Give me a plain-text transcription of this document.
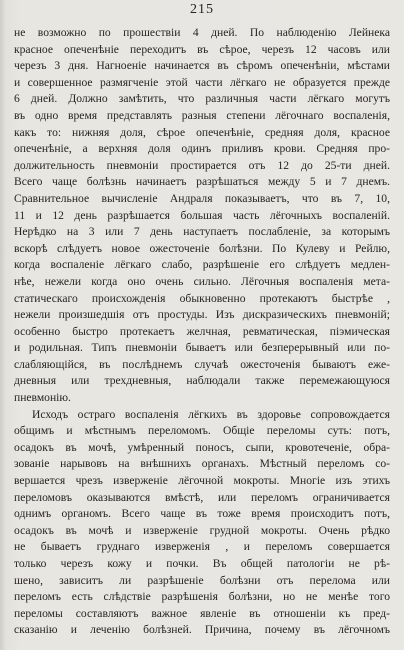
215
не возможно по прошествіи 4 дней. По наблюденію Лейнека
красное опеченѣніе переходитъ въ сѣрое, черезъ 12 часовъ или
черезъ 3 дня. Нагноеніе начинается въ сѣромъ опеченѣніи, мѣстами
и совершенное размягченіе этой части лёгкаго не образуется прежде
6 дней. Должно замѣтить, что различныя части лёгкаго могутъ
въ одно время представлять разныя степени лёгочнаго воспаленія,
какъ то: нижняя доля, сѣрое опеченѣніе, средняя доля, красное
опеченѣніе, а верхняя доля одинъ приливъ крови. Средняя про-
должительность пневмоніи простирается отъ 12 до 25-ти дней.
Всего чаще болѣзнь начинаетъ разрѣшаться между 5 и 7 днемъ.
Сравнительное вычисленіе Андраля показываетъ, что въ 7, 10,
11 и 12 день разрѣшается большая часть лёгочныхъ воспаленій.
Нерѣдко на 3 или 7 день наступаетъ послабленіе, за которымъ
вскорѣ слѣдуетъ новое ожесточеніе болѣзни. По Кулеву и Рейлю,
когда воспаленіе лёгкаго слабо, разрѣшеніе его слѣдуетъ медлен-
нѣе, нежели когда оно очень сильно. Лёгочныя воспаленія мета-
статическаго происхожденія обыкновенно протекаютъ быстрѣе ,
нежели произшедшія отъ простуды. Изъ дискразическихъ пневмоній;
особенно быстро протекаетъ желчная, ревматическая, піэмическая
и родильная. Типъ пневмоніи бываетъ или безперерывный или по-
слабляющійся, въ послѣднемъ случаѣ ожесточенія бываютъ еже-
дневныя или трехдневныя, наблюдали также перемежающуюся
пневмонію.
Исходъ остраго воспаленія лёгкихъ въ здоровье сопровождается
общимъ и мѣстнымъ переломомъ. Общіе переломы суть: потъ,
осадокъ въ мочѣ, умѣренный поносъ, сыпи, кровотеченіе, обра-
зованіе нарывовъ на внѣшнихъ органахъ. Мѣстный переломъ со-
вершается чрезъ изверженіе лёгочной мокроты. Многіе изъ этихъ
переломовъ оказываются вмѣстѣ, или переломъ ограничивается
однимъ органомъ. Всего чаще въ тоже время происходитъ потъ,
осадокъ въ мочѣ и изверженіе грудной мокроты. Очень рѣдко
не бываетъ груднаго изверженія , и переломъ совершается
только черезъ кожу и почки. Въ общей патологіи не рѣ-
шено, зависитъ ли разрѣшеніе болѣзни отъ перелома или
переломъ есть слѣдствіе разрѣшенія болѣзни, но не менѣе того
переломы составляютъ важное явленіе въ отношеніи къ пред-
сказанію и леченію болѣзней. Причина, почему въ лёгочномъ
